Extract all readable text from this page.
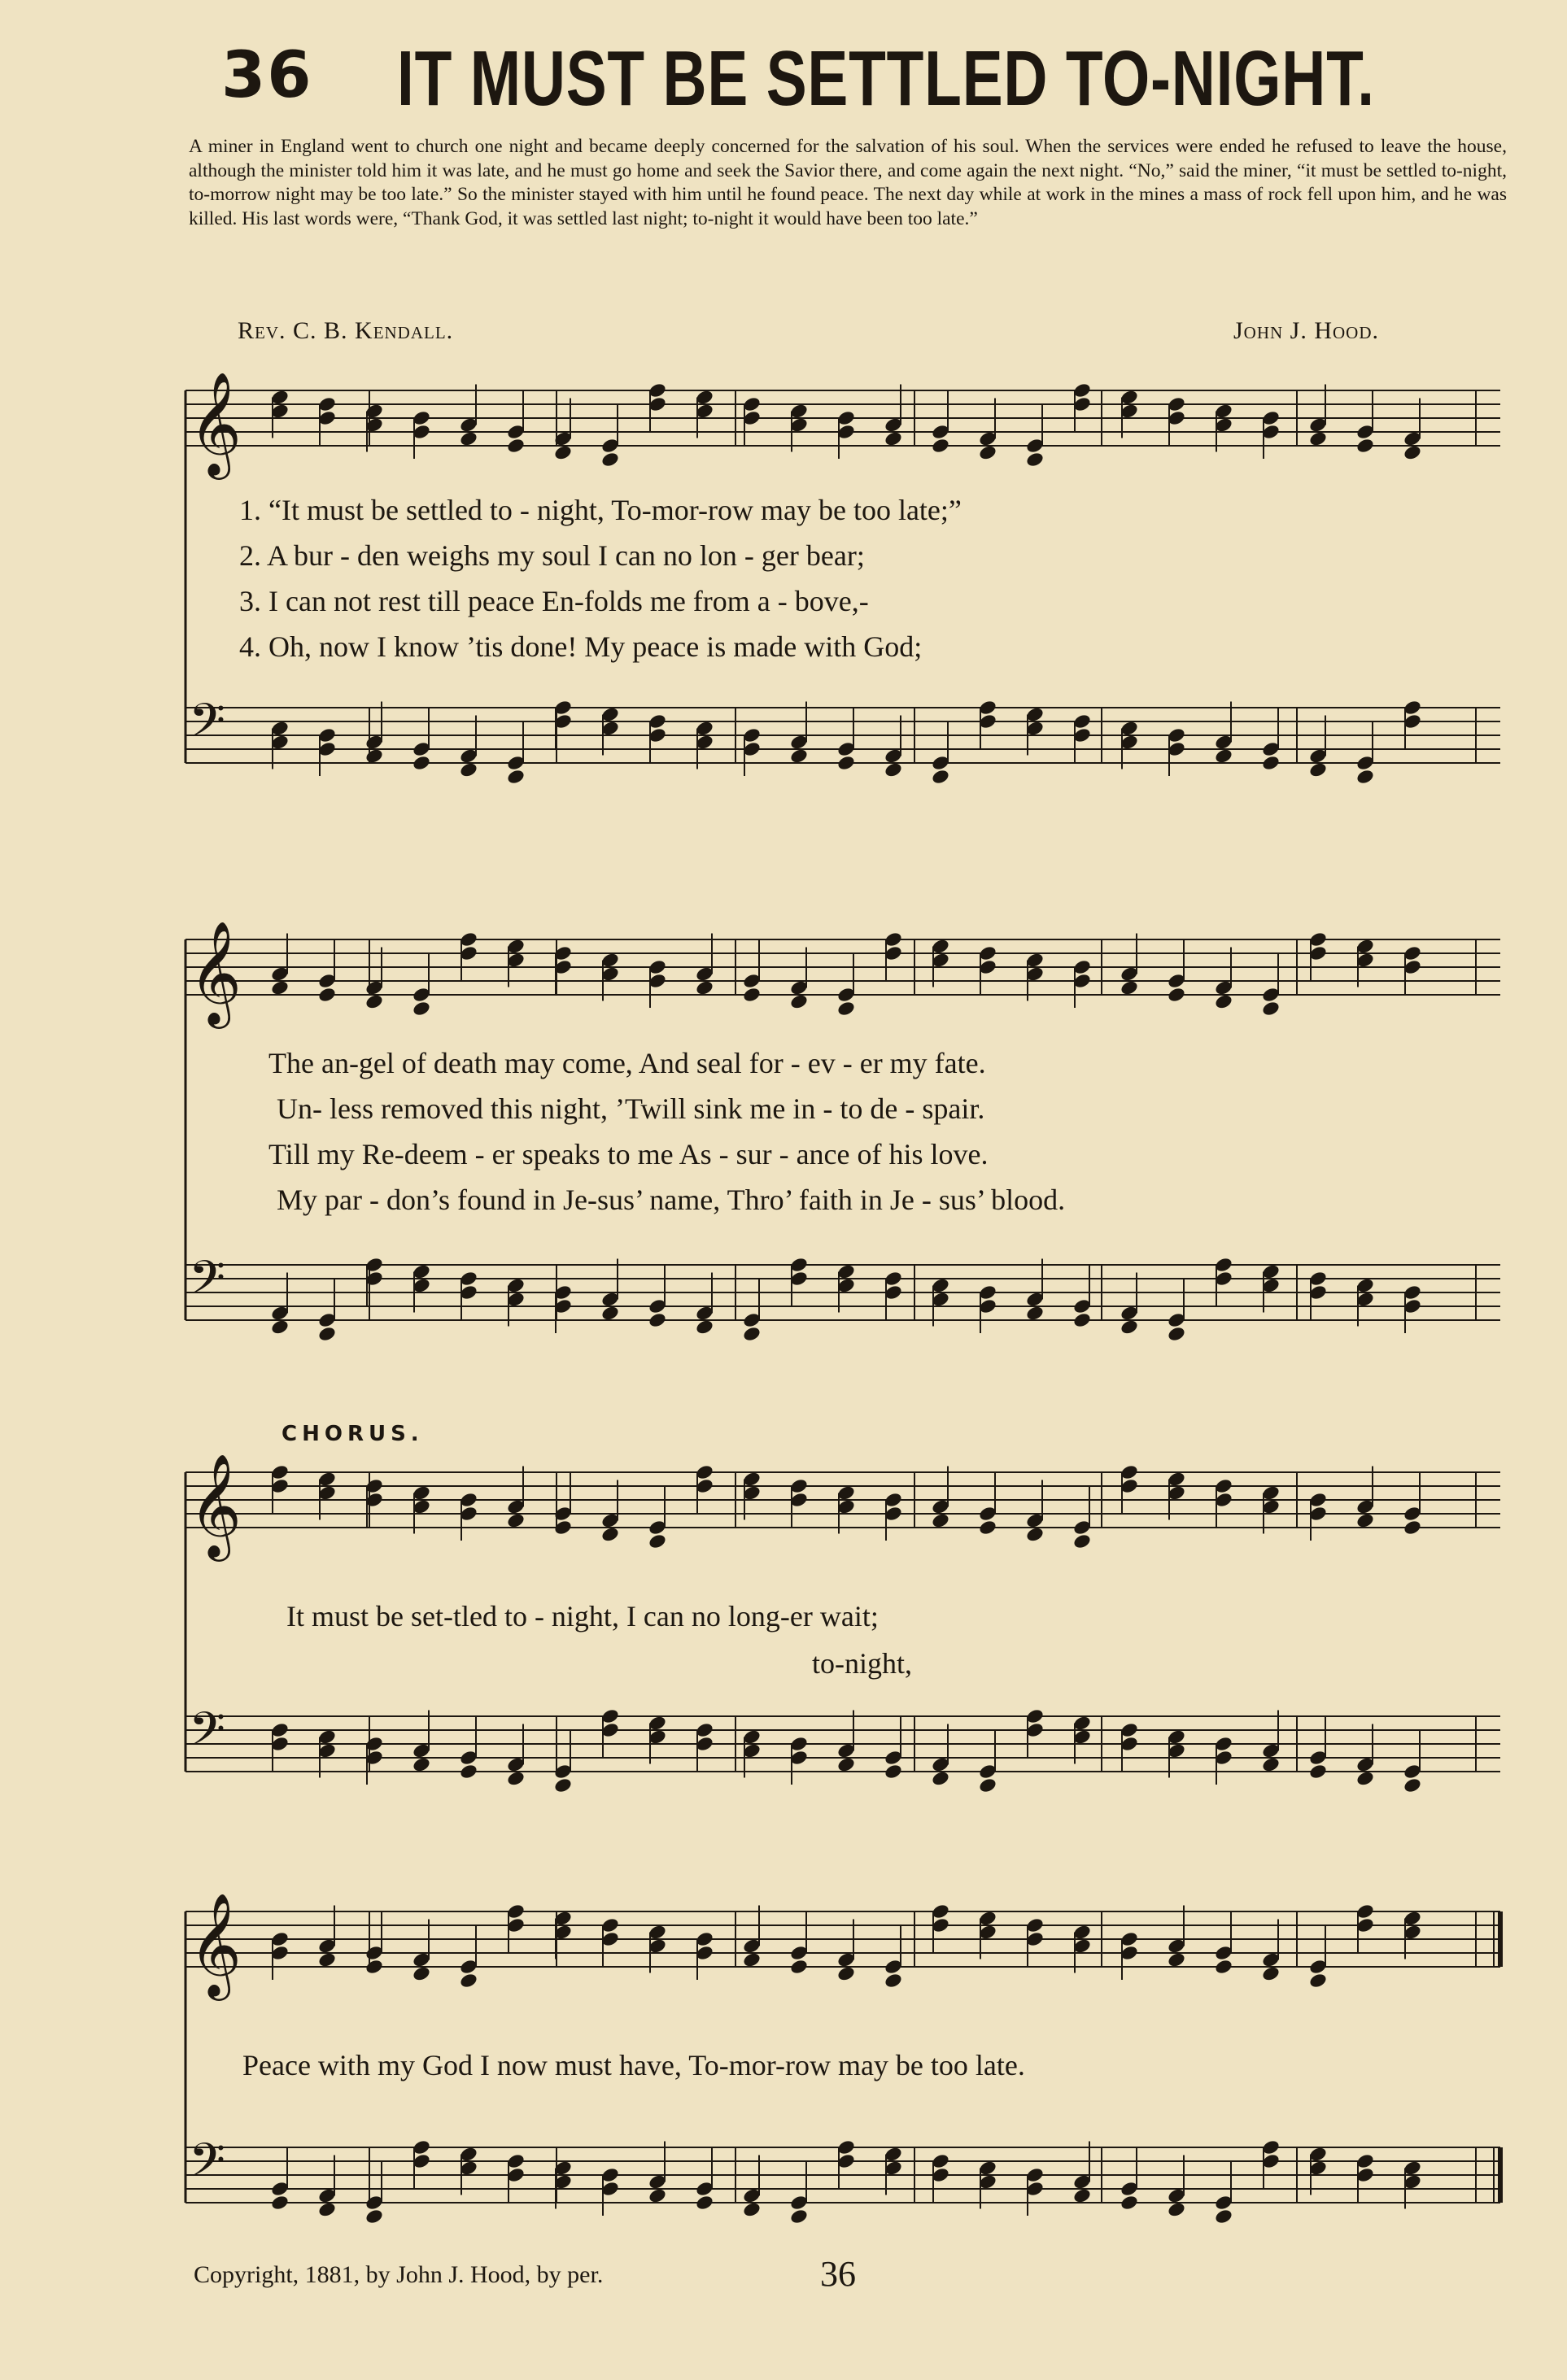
36 IT MUST BE SETTLED TO-NIGHT.
A miner in England went to church one night and became deeply concerned for the salvation of his soul. When the services were ended he refused to leave the house, although the minister told him it was late, and he must go home and seek the Savior there, and come again the next night. “No,” said the miner, “it must be settled to-night, to-morrow night may be too late.” So the minister stayed with him until he found peace. The next day while at work in the mines a mass of rock fell upon him, and he was killed. His last words were, “Thank God, it was settled last night; to-night it would have been too late.”
Rev. C. B. Kendall.	John J. Hood.
𝄞
𝄢
1. “It must be settled to - night, To-mor-row may be too late;”
2. A bur - den weighs my soul I can no lon - ger bear;
3. I can not rest till peace En-folds me from a - bove,-
4. Oh, now I know ’tis done! My peace is made with God;
𝄞
𝄢
The an-gel of death may come, And seal for - ev - er my fate.
Un- less removed this night, ’Twill sink me in - to de - spair.
Till my Re-deem - er speaks to me As - sur - ance of his love.
My par - don’s found in Je-sus’ name, Thro’ faith in Je - sus’ blood.
CHORUS.
𝄞
𝄢
It must be set-tled to - night, I can no long-er wait;
to-night,
𝄞
𝄢
Peace with my God I now must have, To-mor-row may be too late.
Copyright, 1881, by John J. Hood, by per.	36
